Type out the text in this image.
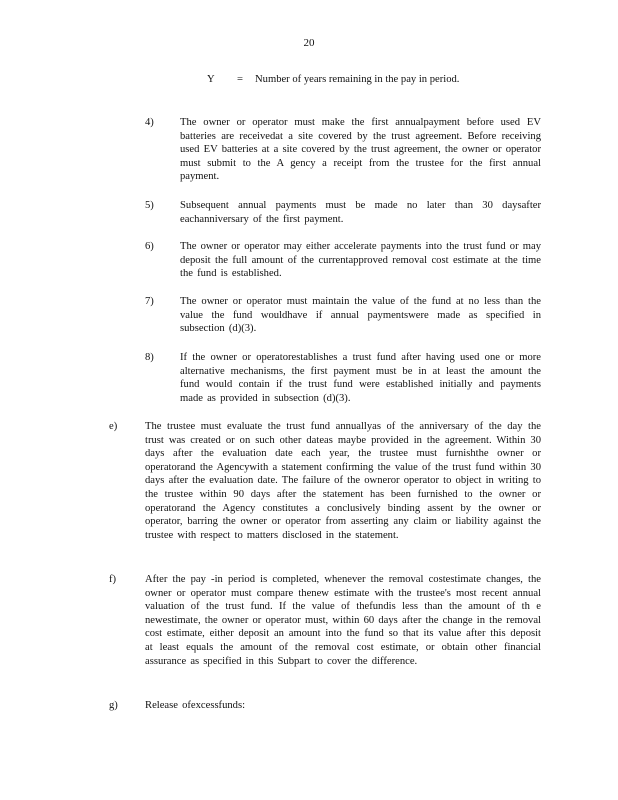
20
Y = Number of years remaining in the pay in period.
4) The owner or operator must make the first annualpayment before used EV batteries are receivedat a site covered by the trust agreement. Before receiving used EV batteries at a site covered by the trust agreement, the owner or operator must submit to the A gency a receipt from the trustee for the first annual payment.
5) Subsequent annual payments must be made no later than 30 daysafter eachanniversary of the first payment.
6) The owner or operator may either accelerate payments into the trust fund or may deposit the full amount of the currentapproved removal cost estimate at the time the fund is established.
7) The owner or operator must maintain the value of the fund at no less than the value the fund wouldhave if annual paymentswere made as specified in subsection (d)(3).
8) If the owner or operatorestablishes a trust fund after having used one or more alternative mechanisms, the first payment must be in at least the amount the fund would contain if the trust fund were established initially and payments made as provided in subsection (d)(3).
e)	The trustee must evaluate the trust fund annuallyas of the anniversary of the day the trust was created or on such other dateas maybe provided in the agreement. Within 30 days after the evaluation date each year, the trustee must furnishthe owner or operatorand the Agencywith a statement confirming the value of the trust fund within 30 days after the evaluation date. The failure of the owneror operator to object in writing to the trustee within 90 days after the statement has been furnished to the owner or operatorand the Agency constitutes a conclusively binding assent by the owner or operator, barring the owner or operator from asserting any claim or liability against the trustee with respect to matters disclosed in the statement.
f)	After the pay -in period is completed, whenever the removal costestimate changes, the owner or operator must compare thenew estimate with the trustee's most recent annual valuation of the trust fund. If the value of thefundis less than the amount of th e newestimate, the owner or operator must, within 60 days after the change in the removal cost estimate, either deposit an amount into the fund so that its value after this deposit at least equals the amount of the removal cost estimate, or obtain other financial assurance as specified in this Subpart to cover the difference.
g)	Release ofexcessfunds:
